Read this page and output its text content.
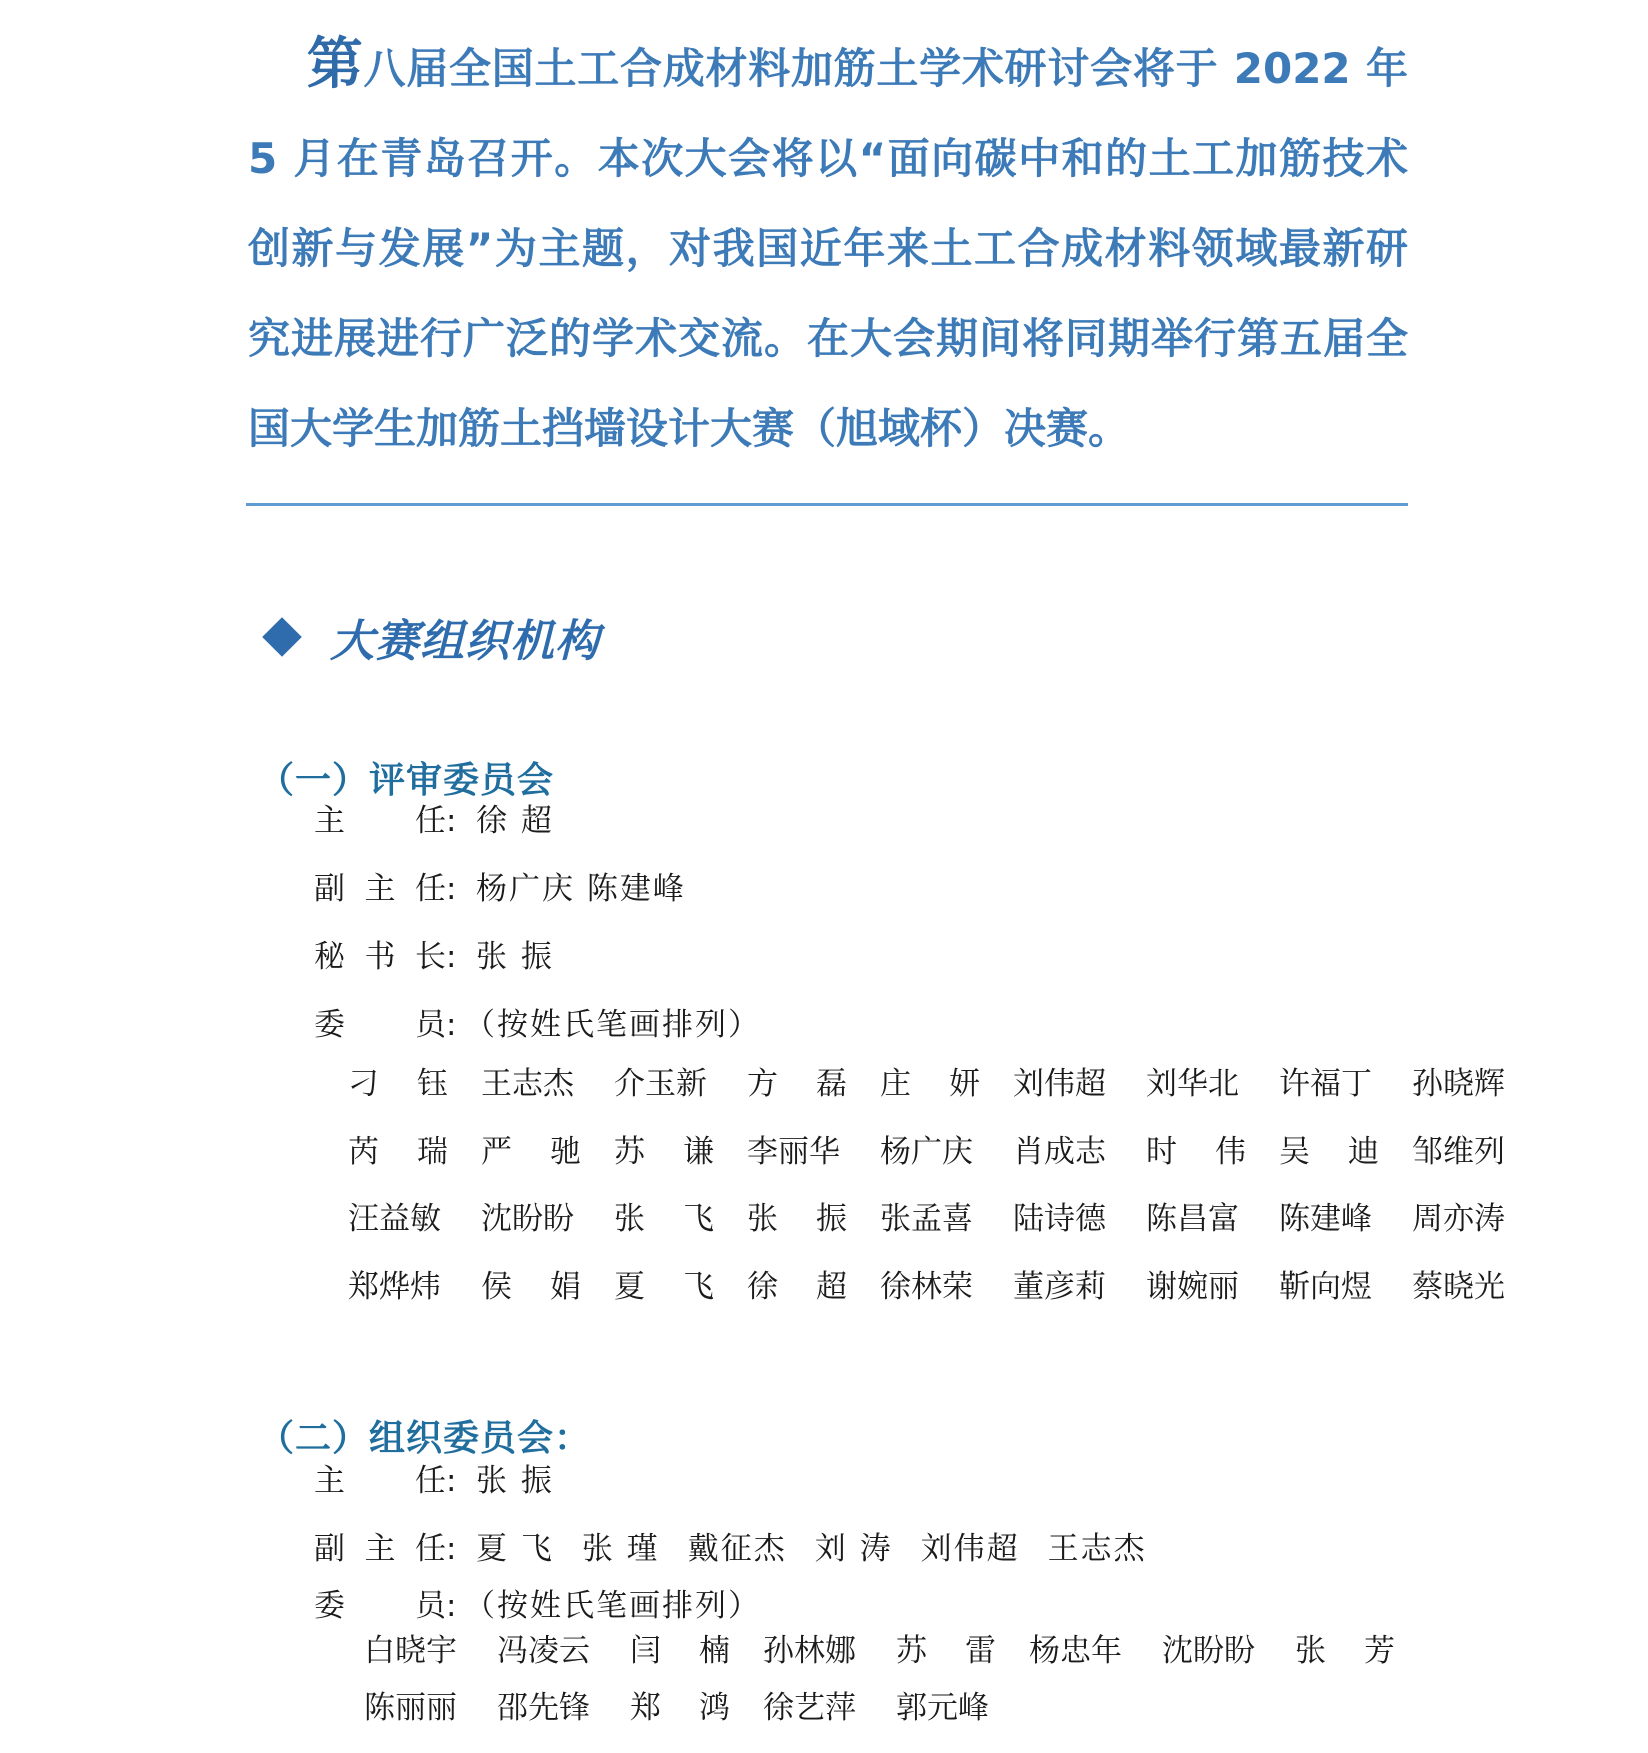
第八届全国土工合成材料加筋土学术研讨会将于 2022 年 5 月在青岛召开。本次大会将以“面向碳中和的土工加筋技术创新与发展”为主题，对我国近年来土工合成材料领域最新研究进展进行广泛的学术交流。在大会期间将同期举行第五届全国大学生加筋土挡墙设计大赛（旭域杯）决赛。
大赛组织机构
（一）评审委员会
主任 : 徐 超
副主任 : 杨广庆 陈建峰
秘书长 : 张 振
委员 : （按姓氏笔画排列）
刁 钰	王志杰	介玉新	方 磊	庄 妍	刘伟超	刘华北	许福丁	孙晓辉
芮 瑞	严 驰	苏 谦	李丽华	杨广庆	肖成志	时 伟	吴 迪	邹维列
汪益敏	沈盼盼	张 飞	张 振	张孟喜	陆诗德	陈昌富	陈建峰	周亦涛
郑烨炜	侯 娟	夏 飞	徐 超	徐林荣	董彦莉	谢婉丽	靳向煜	蔡晓光
（二）组织委员会：
主任 : 张 振
副主任 : 夏 飞 张 瑾 戴征杰 刘 涛 刘伟超 王志杰
委员 : （按姓氏笔画排列）
白晓宇	冯凌云	闫 楠	孙林娜	苏 雷	杨忠年	沈盼盼	张 芳
陈丽丽	邵先锋	郑 鸿	徐艺萍	郭元峰
